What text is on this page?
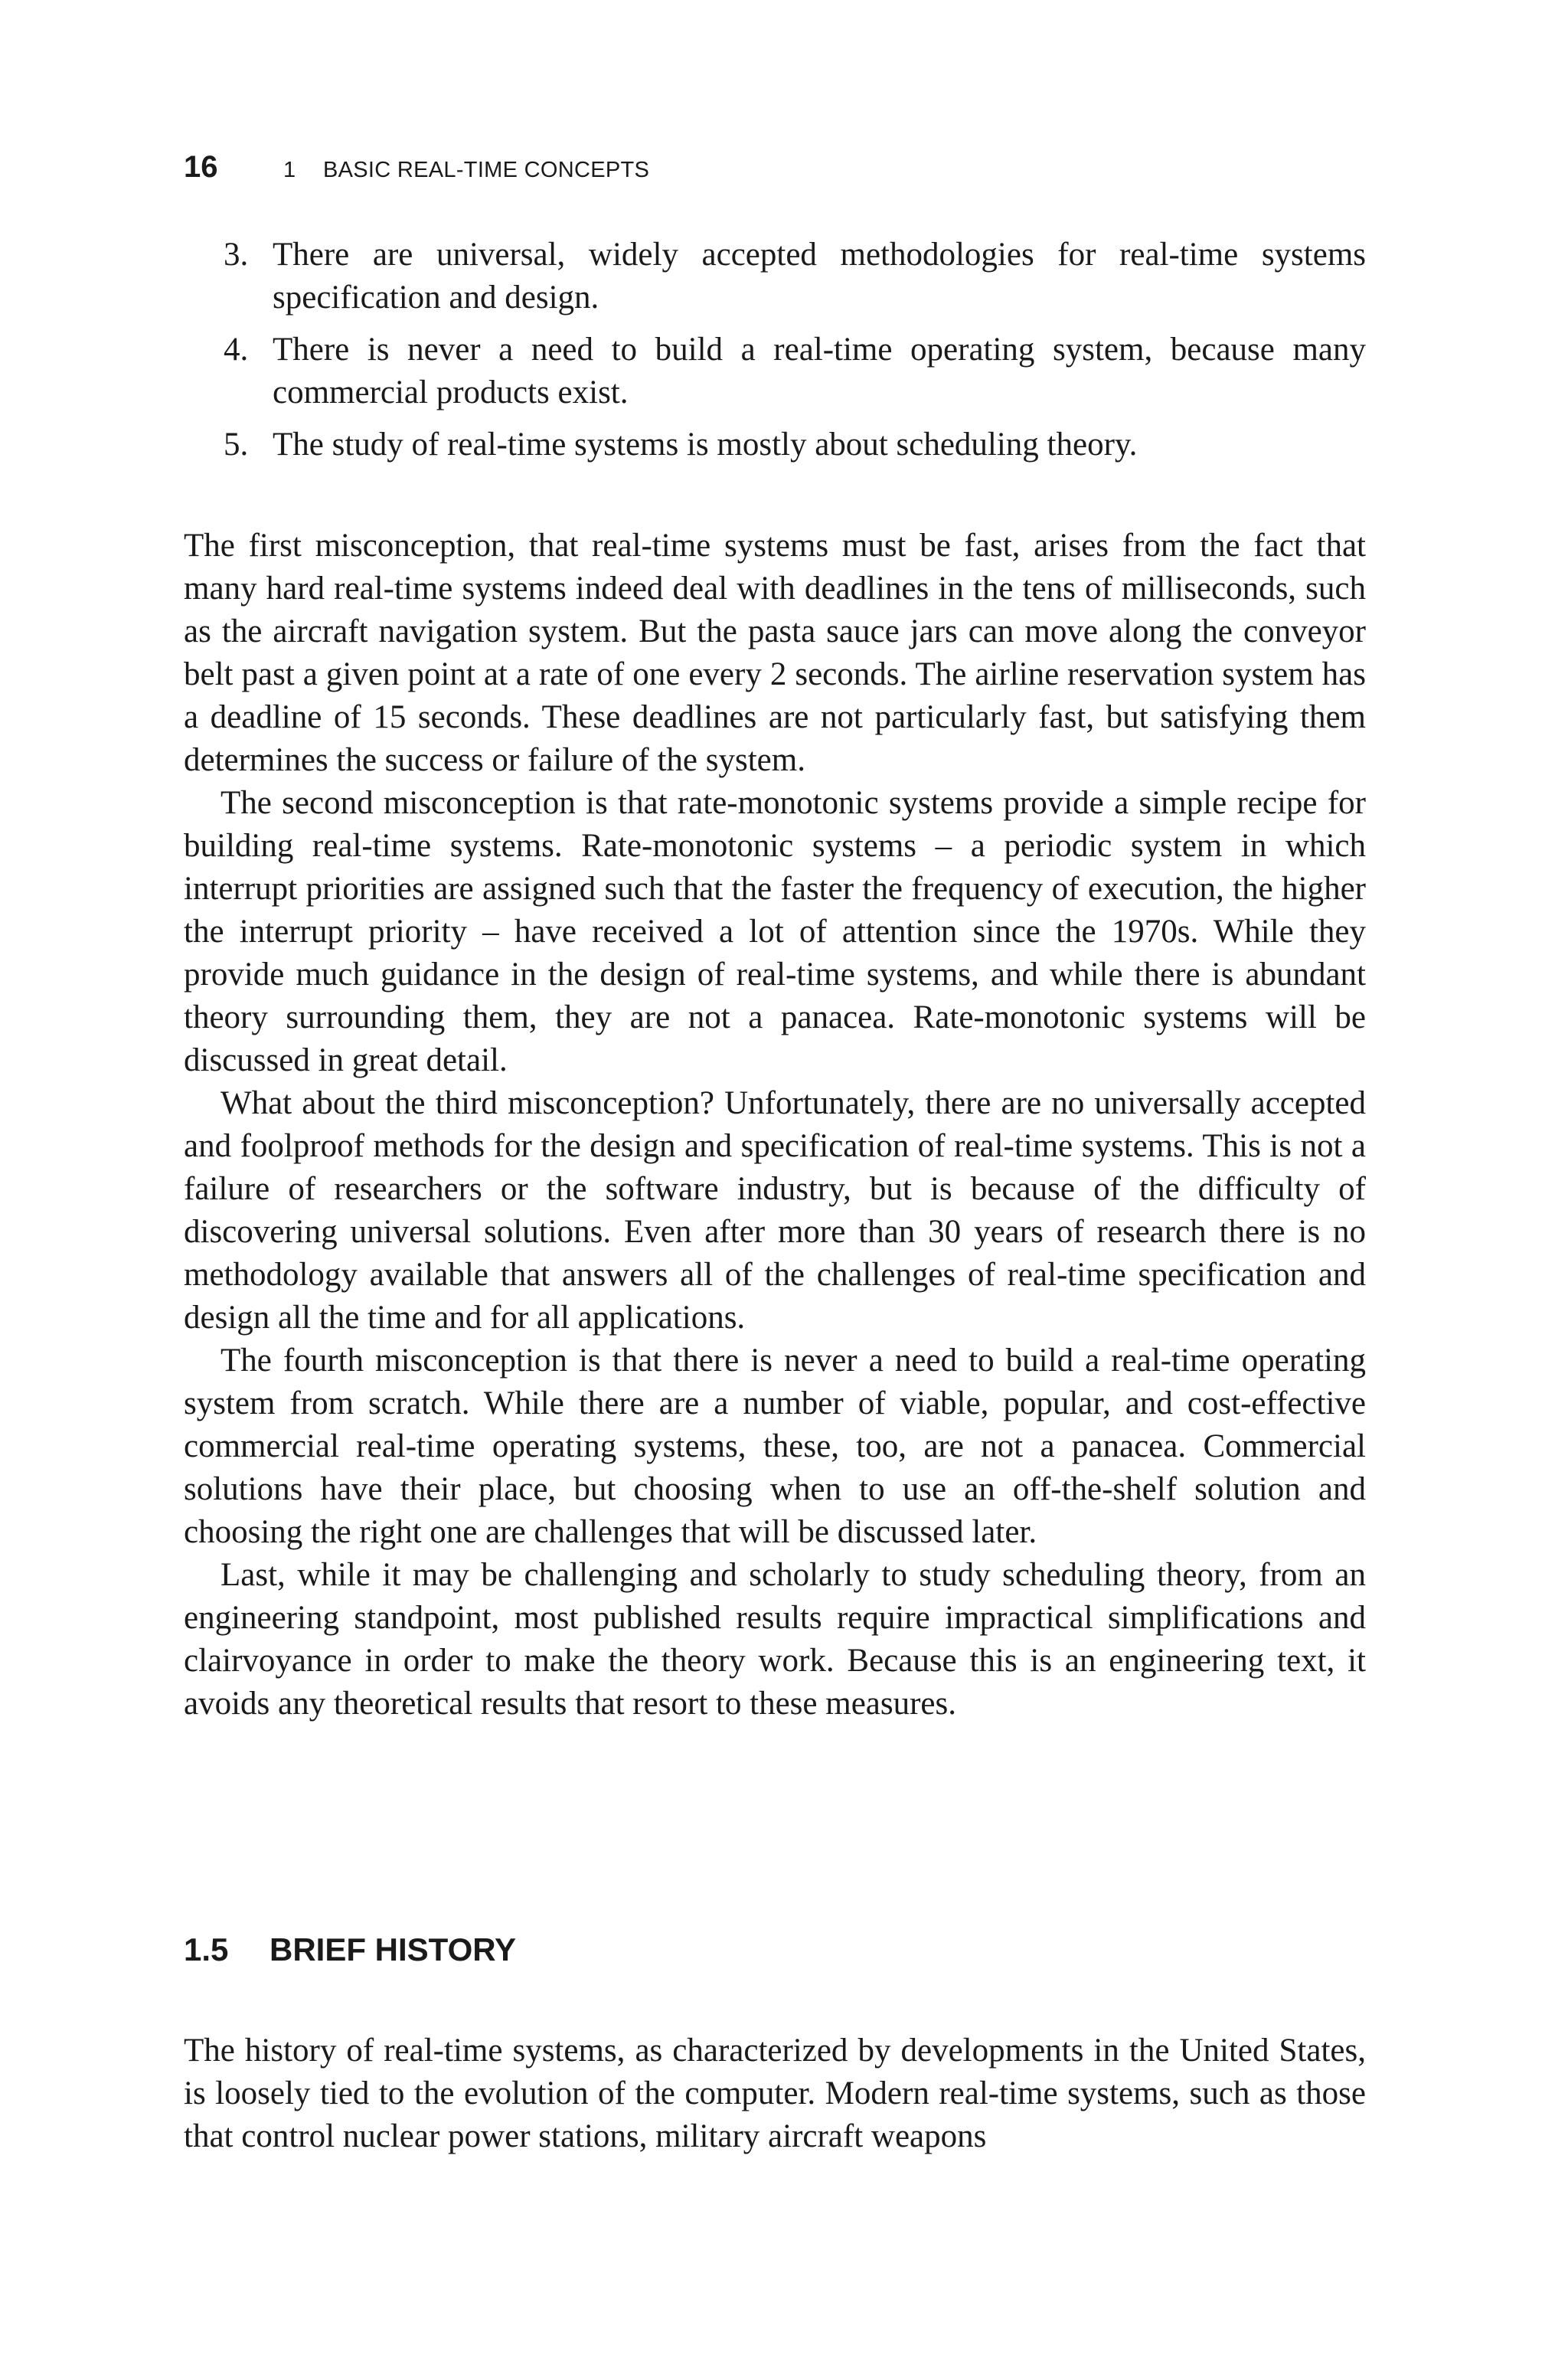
16	1	BASIC REAL-TIME CONCEPTS
3. There are universal, widely accepted methodologies for real-time systems specification and design.
4. There is never a need to build a real-time operating system, because many commercial products exist.
5. The study of real-time systems is mostly about scheduling theory.

The first misconception, that real-time systems must be fast, arises from the fact that many hard real-time systems indeed deal with deadlines in the tens of milliseconds, such as the aircraft navigation system. But the pasta sauce jars can move along the conveyor belt past a given point at a rate of one every 2 seconds. The airline reservation system has a deadline of 15 seconds. These deadlines are not particularly fast, but satisfying them determines the success or failure of the system.

The second misconception is that rate-monotonic systems provide a simple recipe for building real-time systems. Rate-monotonic systems – a periodic system in which interrupt priorities are assigned such that the faster the frequency of execution, the higher the interrupt priority – have received a lot of attention since the 1970s. While they provide much guidance in the design of real-time systems, and while there is abundant theory surrounding them, they are not a panacea. Rate-monotonic systems will be discussed in great detail.

What about the third misconception? Unfortunately, there are no universally accepted and foolproof methods for the design and specification of real-time systems. This is not a failure of researchers or the software industry, but is because of the difficulty of discovering universal solutions. Even after more than 30 years of research there is no methodology available that answers all of the challenges of real-time specification and design all the time and for all applications.

The fourth misconception is that there is never a need to build a real-time operating system from scratch. While there are a number of viable, popular, and cost-effective commercial real-time operating systems, these, too, are not a panacea. Commercial solutions have their place, but choosing when to use an off-the-shelf solution and choosing the right one are challenges that will be discussed later.

Last, while it may be challenging and scholarly to study scheduling theory, from an engineering standpoint, most published results require impractical simplifications and clairvoyance in order to make the theory work. Because this is an engineering text, it avoids any theoretical results that resort to these measures.

1.5	BRIEF HISTORY

The history of real-time systems, as characterized by developments in the United States, is loosely tied to the evolution of the computer. Modern real-time systems, such as those that control nuclear power stations, military aircraft weapons
